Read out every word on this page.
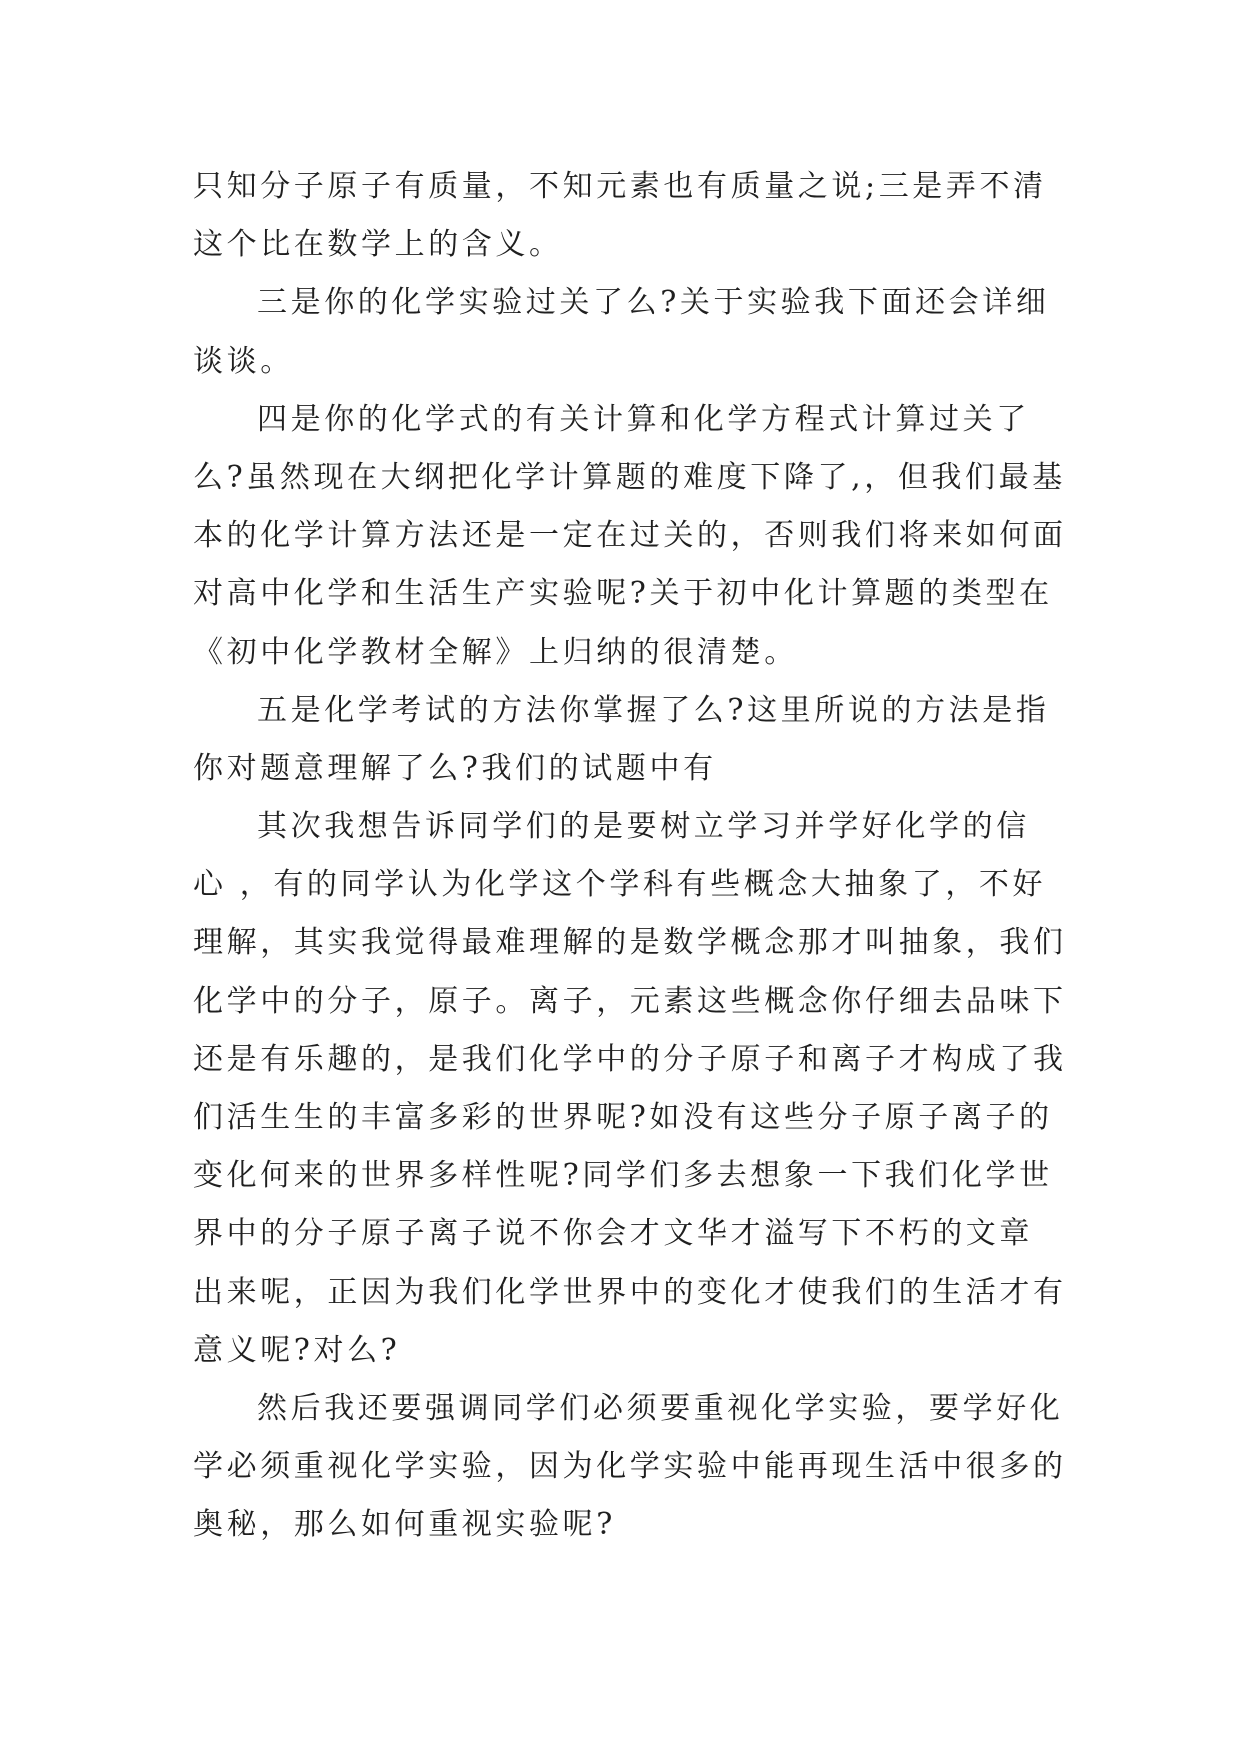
只知分子原子有质量，不知元素也有质量之说;三是弄不清
这个比在数学上的含义。
三是你的化学实验过关了么?关于实验我下面还会详细
谈谈。
四是你的化学式的有关计算和化学方程式计算过关了
么?虽然现在大纲把化学计算题的难度下降了,，但我们最基
本的化学计算方法还是一定在过关的，否则我们将来如何面
对高中化学和生活生产实验呢?关于初中化计算题的类型在
《初中化学教材全解》上归纳的很清楚。
五是化学考试的方法你掌握了么?这里所说的方法是指
你对题意理解了么?我们的试题中有
其次我想告诉同学们的是要树立学习并学好化学的信
心 ，有的同学认为化学这个学科有些概念大抽象了，不好
理解，其实我觉得最难理解的是数学概念那才叫抽象，我们
化学中的分子，原子。离子，元素这些概念你仔细去品味下
还是有乐趣的，是我们化学中的分子原子和离子才构成了我
们活生生的丰富多彩的世界呢?如没有这些分子原子离子的
变化何来的世界多样性呢?同学们多去想象一下我们化学世
界中的分子原子离子说不你会才文华才溢写下不朽的文章
出来呢，正因为我们化学世界中的变化才使我们的生活才有
意义呢?对么?
然后我还要强调同学们必须要重视化学实验，要学好化
学必须重视化学实验，因为化学实验中能再现生活中很多的
奥秘，那么如何重视实验呢?
